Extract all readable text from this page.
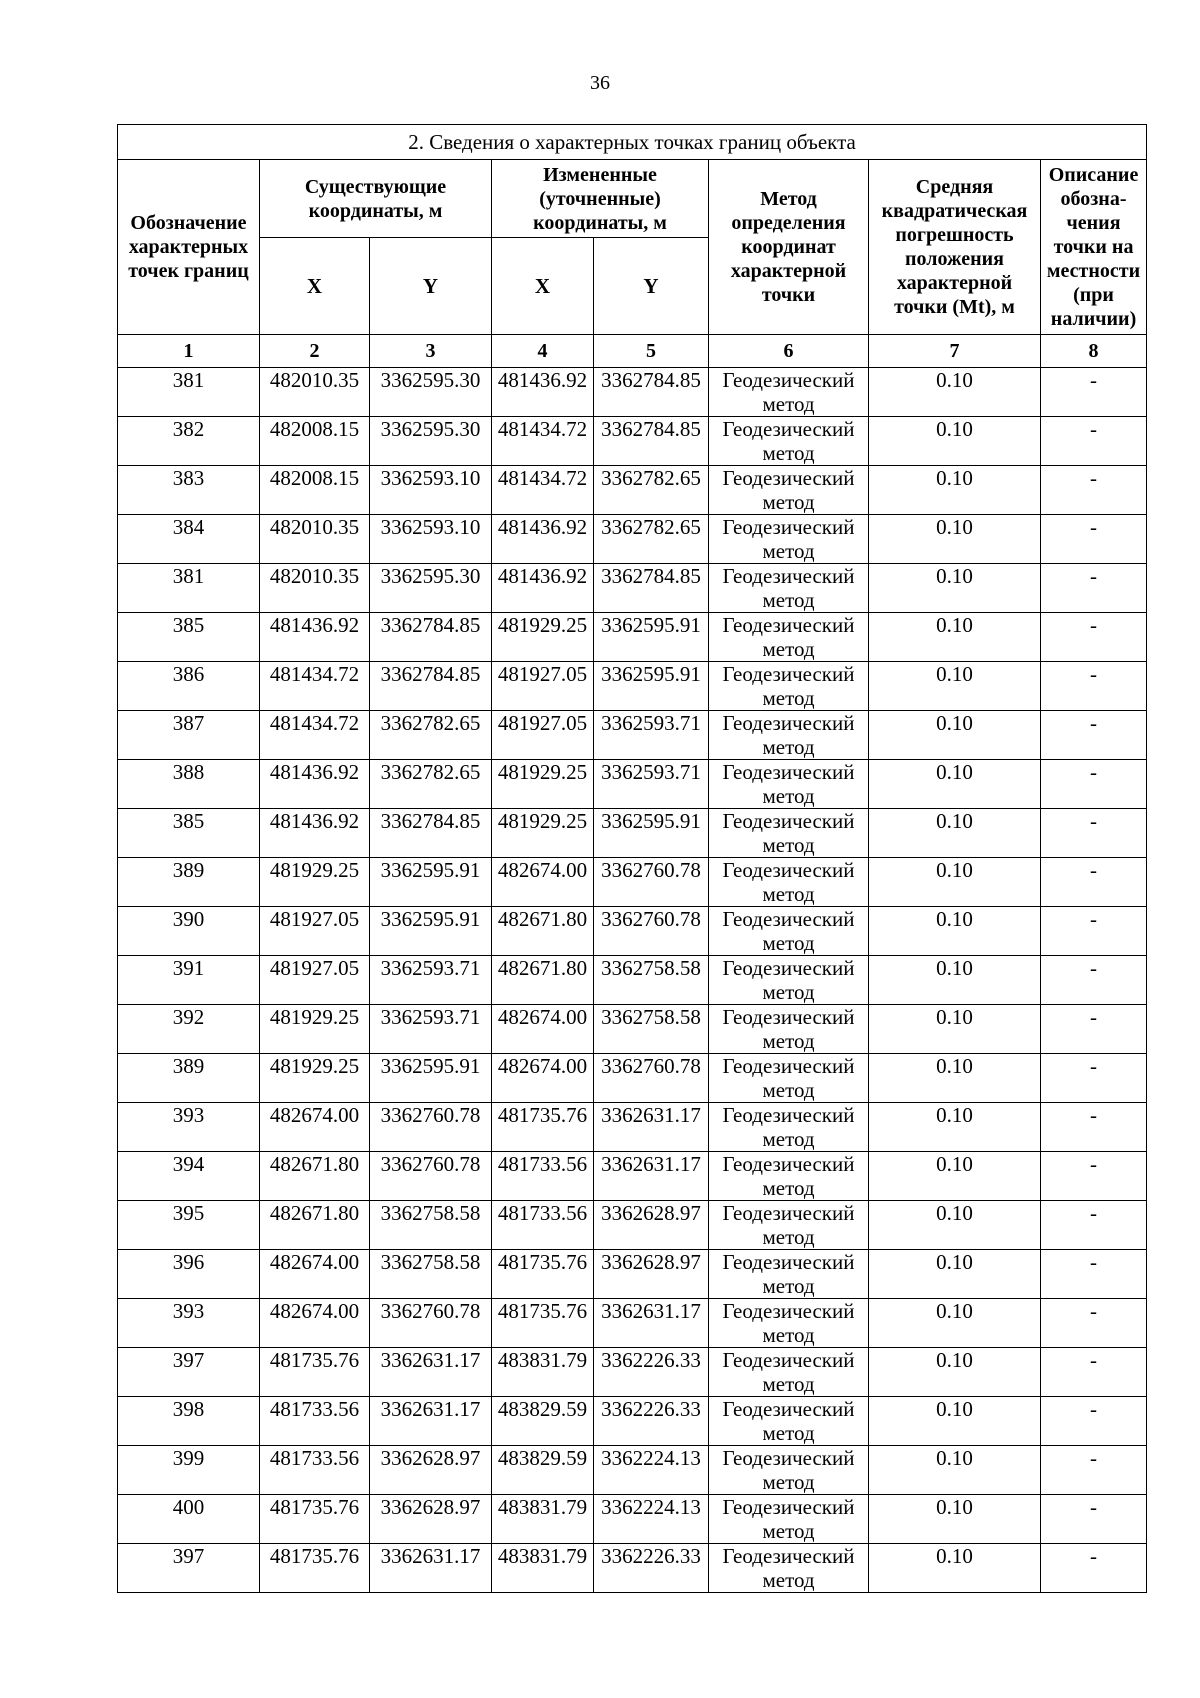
36
2. Сведения о характерных точках границ объекта							
Обозначение характерных точек границ	Существующие координаты, м		Измененные (уточненные) координаты, м		Метод определения координат характерной точки	Средняя квадратическая погрешность положения характерной точки (Mt), м	Описание обозна-чения точки на местности (при наличии)
	X	Y	X	Y			
1	2	3	4	5	6	7	8
381	482010.35	3362595.30	481436.92	3362784.85	Геодезический метод	0.10	-
382	482008.15	3362595.30	481434.72	3362784.85	Геодезический метод	0.10	-
383	482008.15	3362593.10	481434.72	3362782.65	Геодезический метод	0.10	-
384	482010.35	3362593.10	481436.92	3362782.65	Геодезический метод	0.10	-
381	482010.35	3362595.30	481436.92	3362784.85	Геодезический метод	0.10	-
385	481436.92	3362784.85	481929.25	3362595.91	Геодезический метод	0.10	-
386	481434.72	3362784.85	481927.05	3362595.91	Геодезический метод	0.10	-
387	481434.72	3362782.65	481927.05	3362593.71	Геодезический метод	0.10	-
388	481436.92	3362782.65	481929.25	3362593.71	Геодезический метод	0.10	-
385	481436.92	3362784.85	481929.25	3362595.91	Геодезический метод	0.10	-
389	481929.25	3362595.91	482674.00	3362760.78	Геодезический метод	0.10	-
390	481927.05	3362595.91	482671.80	3362760.78	Геодезический метод	0.10	-
391	481927.05	3362593.71	482671.80	3362758.58	Геодезический метод	0.10	-
392	481929.25	3362593.71	482674.00	3362758.58	Геодезический метод	0.10	-
389	481929.25	3362595.91	482674.00	3362760.78	Геодезический метод	0.10	-
393	482674.00	3362760.78	481735.76	3362631.17	Геодезический метод	0.10	-
394	482671.80	3362760.78	481733.56	3362631.17	Геодезический метод	0.10	-
395	482671.80	3362758.58	481733.56	3362628.97	Геодезический метод	0.10	-
396	482674.00	3362758.58	481735.76	3362628.97	Геодезический метод	0.10	-
393	482674.00	3362760.78	481735.76	3362631.17	Геодезический метод	0.10	-
397	481735.76	3362631.17	483831.79	3362226.33	Геодезический метод	0.10	-
398	481733.56	3362631.17	483829.59	3362226.33	Геодезический метод	0.10	-
399	481733.56	3362628.97	483829.59	3362224.13	Геодезический метод	0.10	-
400	481735.76	3362628.97	483831.79	3362224.13	Геодезический метод	0.10	-
397	481735.76	3362631.17	483831.79	3362226.33	Геодезический метод	0.10	-
